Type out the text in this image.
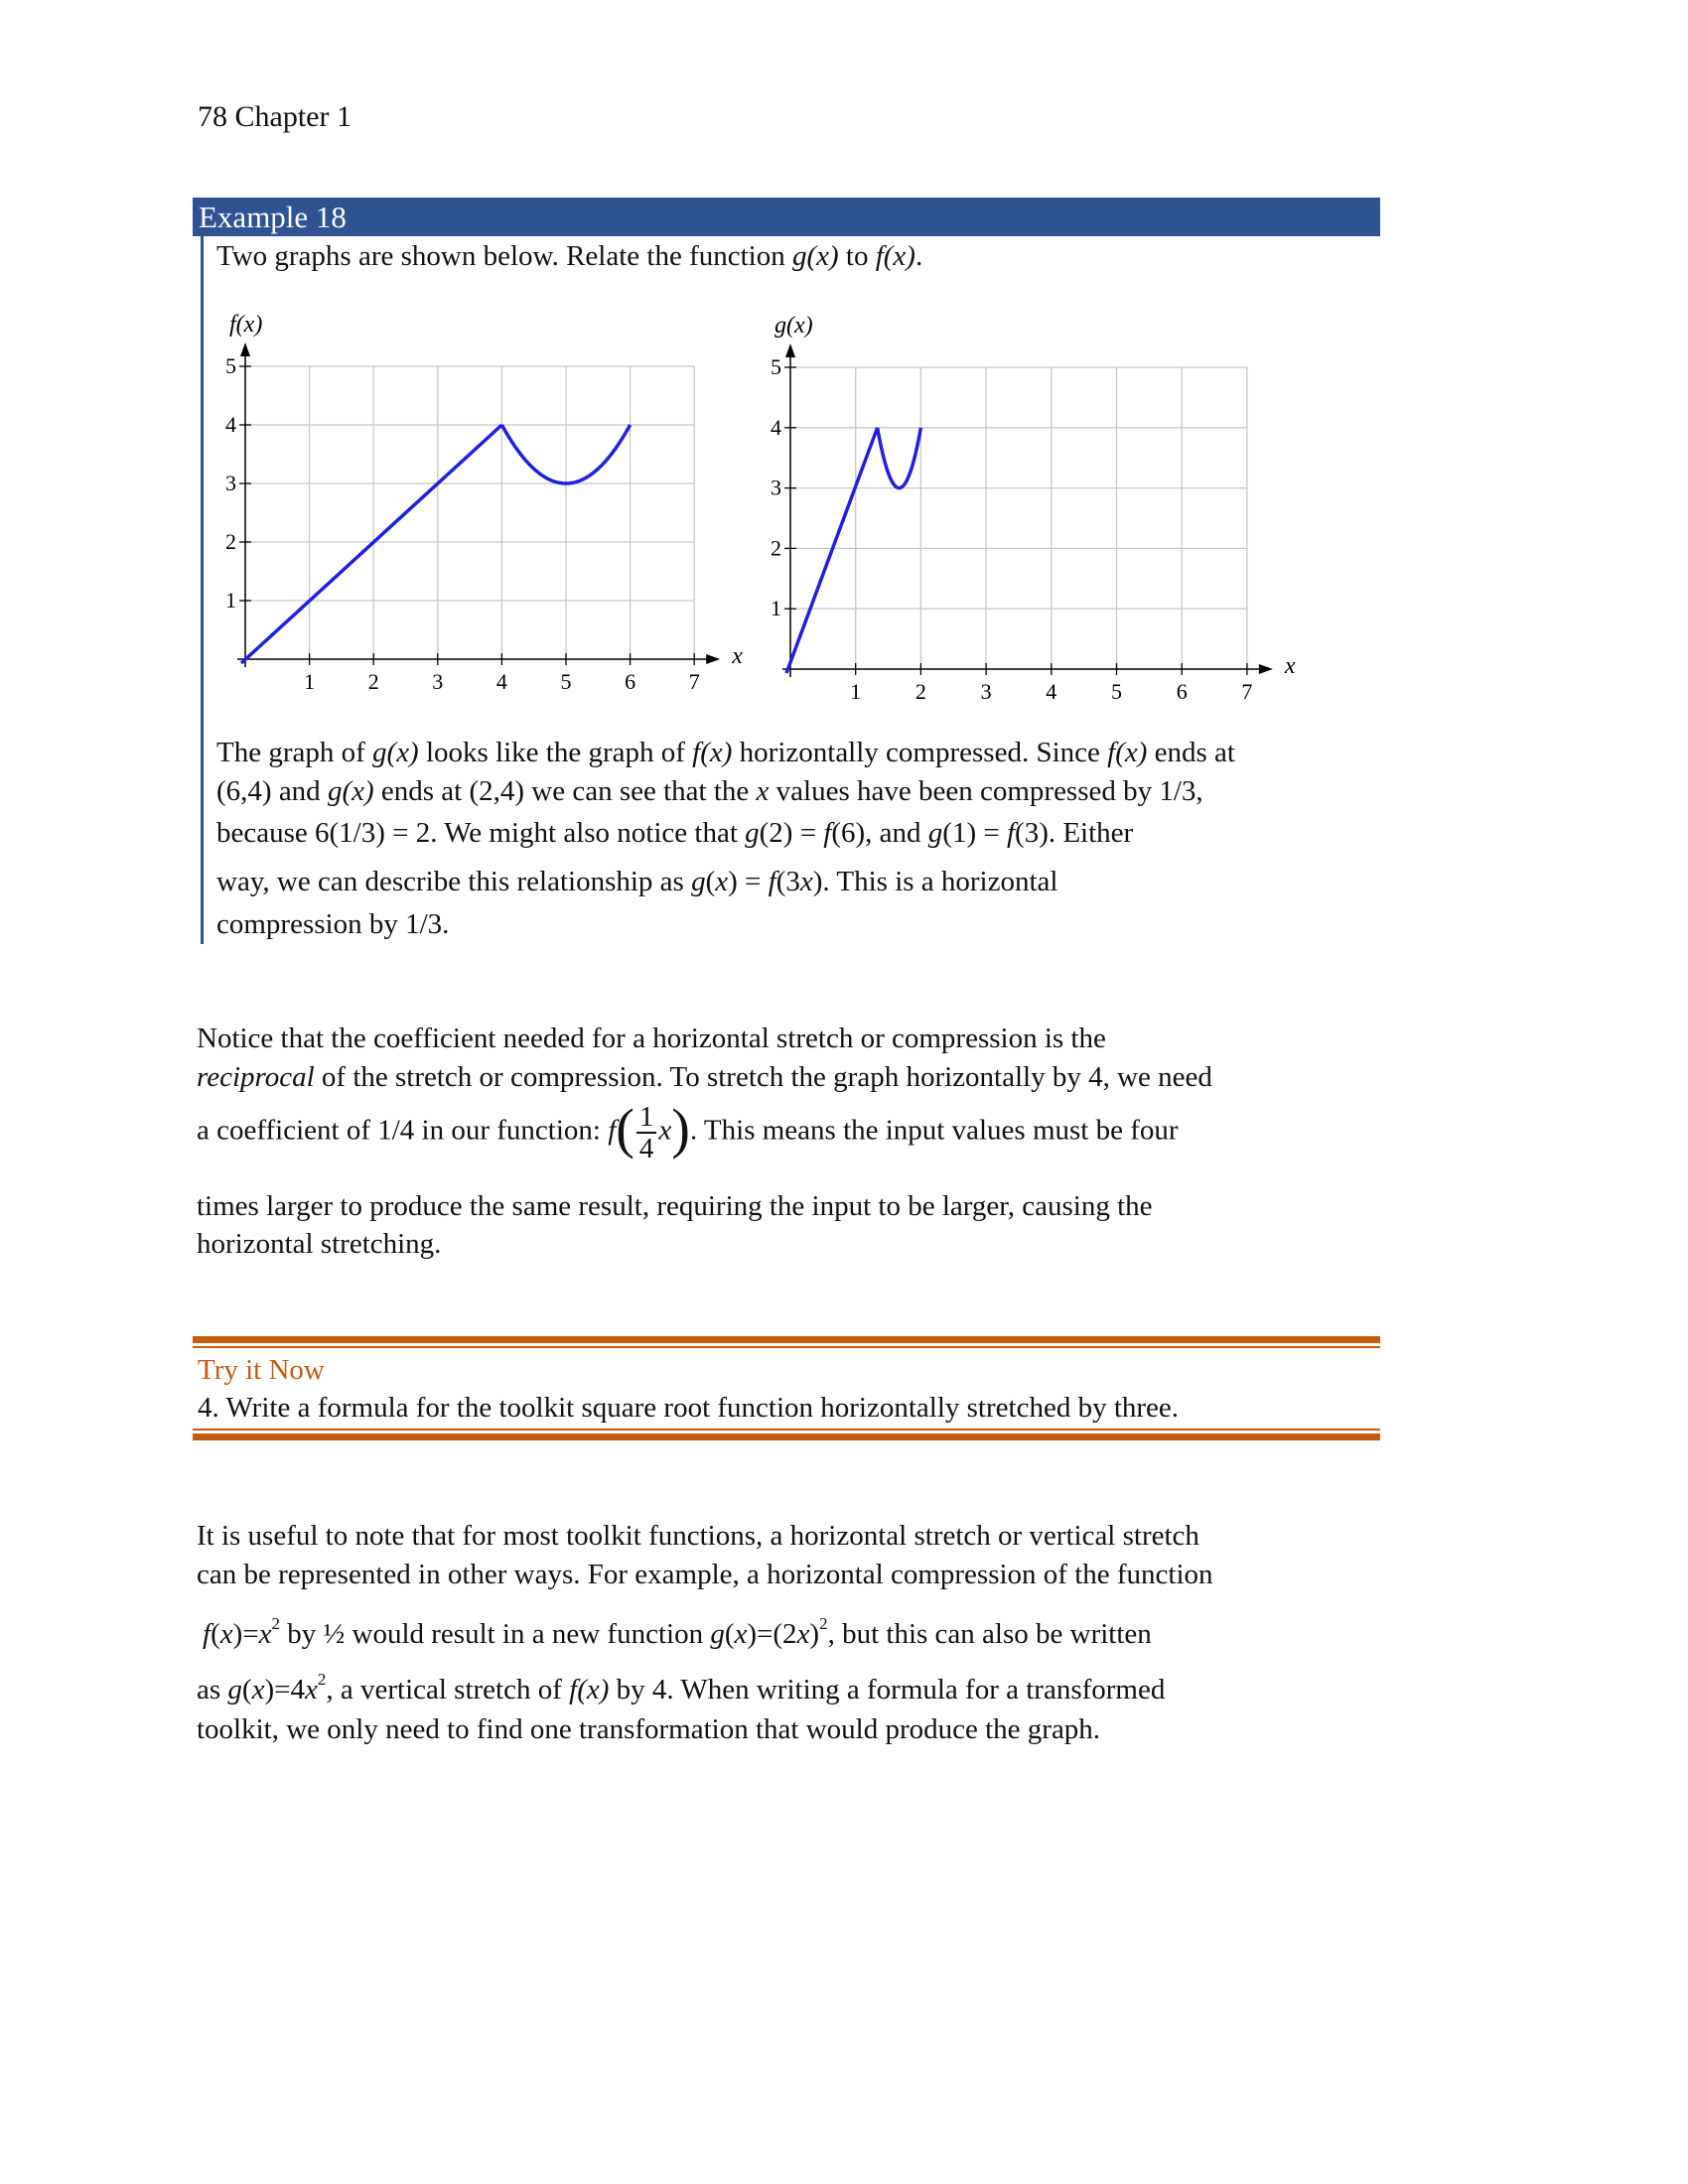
78 Chapter 1
Example 18
Two graphs are shown below. Relate the function g(x) to f(x).
1 2 3 4 5 6 7
1
2
3
4
5
f(x)
x
1 2 3 4 5 6 7
1
2
3
4
5
g(x)
x
The graph of g(x) looks like the graph of f(x) horizontally compressed. Since f(x) ends at
(6,4) and g(x) ends at (2,4) we can see that the x values have been compressed by 1/3,
because 6(1/3) = 2. We might also notice that g(2) = f(6), and g(1) = f(3). Either
way, we can describe this relationship as g(x) = f(3x). This is a horizontal
compression by 1/3.
Notice that the coefficient needed for a horizontal stretch or compression is the
reciprocal of the stretch or compression. To stretch the graph horizontally by 4, we need
a coefficient of 1/4 in our function: $f( \frac{1}{4} x)$. This means the input values must be four
times larger to produce the same result, requiring the input to be larger, causing the
horizontal stretching.
Try it Now
4. Write a formula for the toolkit square root function horizontally stretched by three.
It is useful to note that for most toolkit functions, a horizontal stretch or vertical stretch
can be represented in other ways. For example, a horizontal compression of the function
$f(x)=x^2$ by ½ would result in a new function $g(x)=(2x)^2$, but this can also be written
as $g(x)=4x^2$, a vertical stretch of f(x) by 4. When writing a formula for a transformed
toolkit, we only need to find one transformation that would produce the graph.
